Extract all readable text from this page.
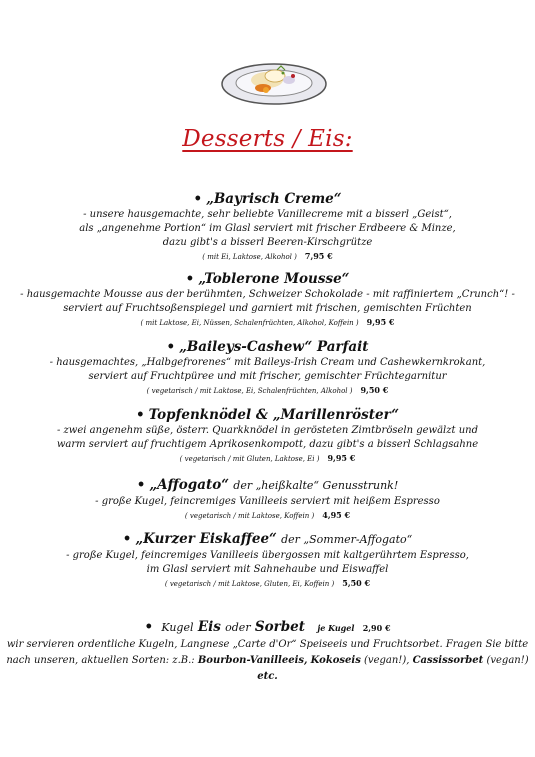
Desserts / Eis:
• „Bayrisch Creme“
- unsere hausgemachte, sehr beliebte Vanillecreme mit a bisserl „Geist“,
als „angenehme Portion“ im Glasl serviert mit frischer Erdbeere & Minze,
dazu gibt's a bisserl Beeren-Kirschgrütze
( mit Ei, Laktose, Alkohol ) 7,95 €
• „Toblerone Mousse“
- hausgemachte Mousse aus der berühmten, Schweizer Schokolade - mit raffiniertem „Crunch“! -
serviert auf Fruchtsoßenspiegel und garniert mit frischen, gemischten Früchten
( mit Laktose, Ei, Nüssen, Schalenfrüchten, Alkohol, Koffein ) 9,95 €
• „Baileys-Cashew“ Parfait
- hausgemachtes, „Halbgefrorenes“ mit Baileys-Irish Cream und Cashewkernkrokant,
serviert auf Fruchtpüree und mit frischer, gemischter Früchtegarnitur
( vegetarisch / mit Laktose, Ei, Schalenfrüchten, Alkohol ) 9,50 €
• Topfenknödel & „Marillenröster“
- zwei angenehm süße, österr. Quarkknödel in gerösteten Zimtbröseln gewälzt und
warm serviert auf fruchtigem Aprikosenkompott, dazu gibt's a bisserl Schlagsahne
( vegetarisch / mit Gluten, Laktose, Ei ) 9,95 €
• „Affogato“ der „heißkalte“ Genusstrunk!
- große Kugel, feincremiges Vanilleeis serviert mit heißem Espresso
( vegetarisch / mit Laktose, Koffein ) 4,95 €
• „Kurzer Eiskaffee“ der „Sommer-Affogato“
- große Kugel, feincremiges Vanilleeis übergossen mit kaltgerührtem Espresso,
im Glasl serviert mit Sahnehaube und Eiswaffel
( vegetarisch / mit Laktose, Gluten, Ei, Koffein ) 5,50 €
• Kugel Eis oder Sorbet je Kugel 2,90 €
wir servieren ordentliche Kugeln, Langnese „Carte d'Or“ Speiseeis und Fruchtsorbet. Fragen Sie bitte
nach unseren, aktuellen Sorten: z.B.: Bourbon-Vanilleeis, Kokoseis (vegan!), Cassissorbet (vegan!)
etc.
